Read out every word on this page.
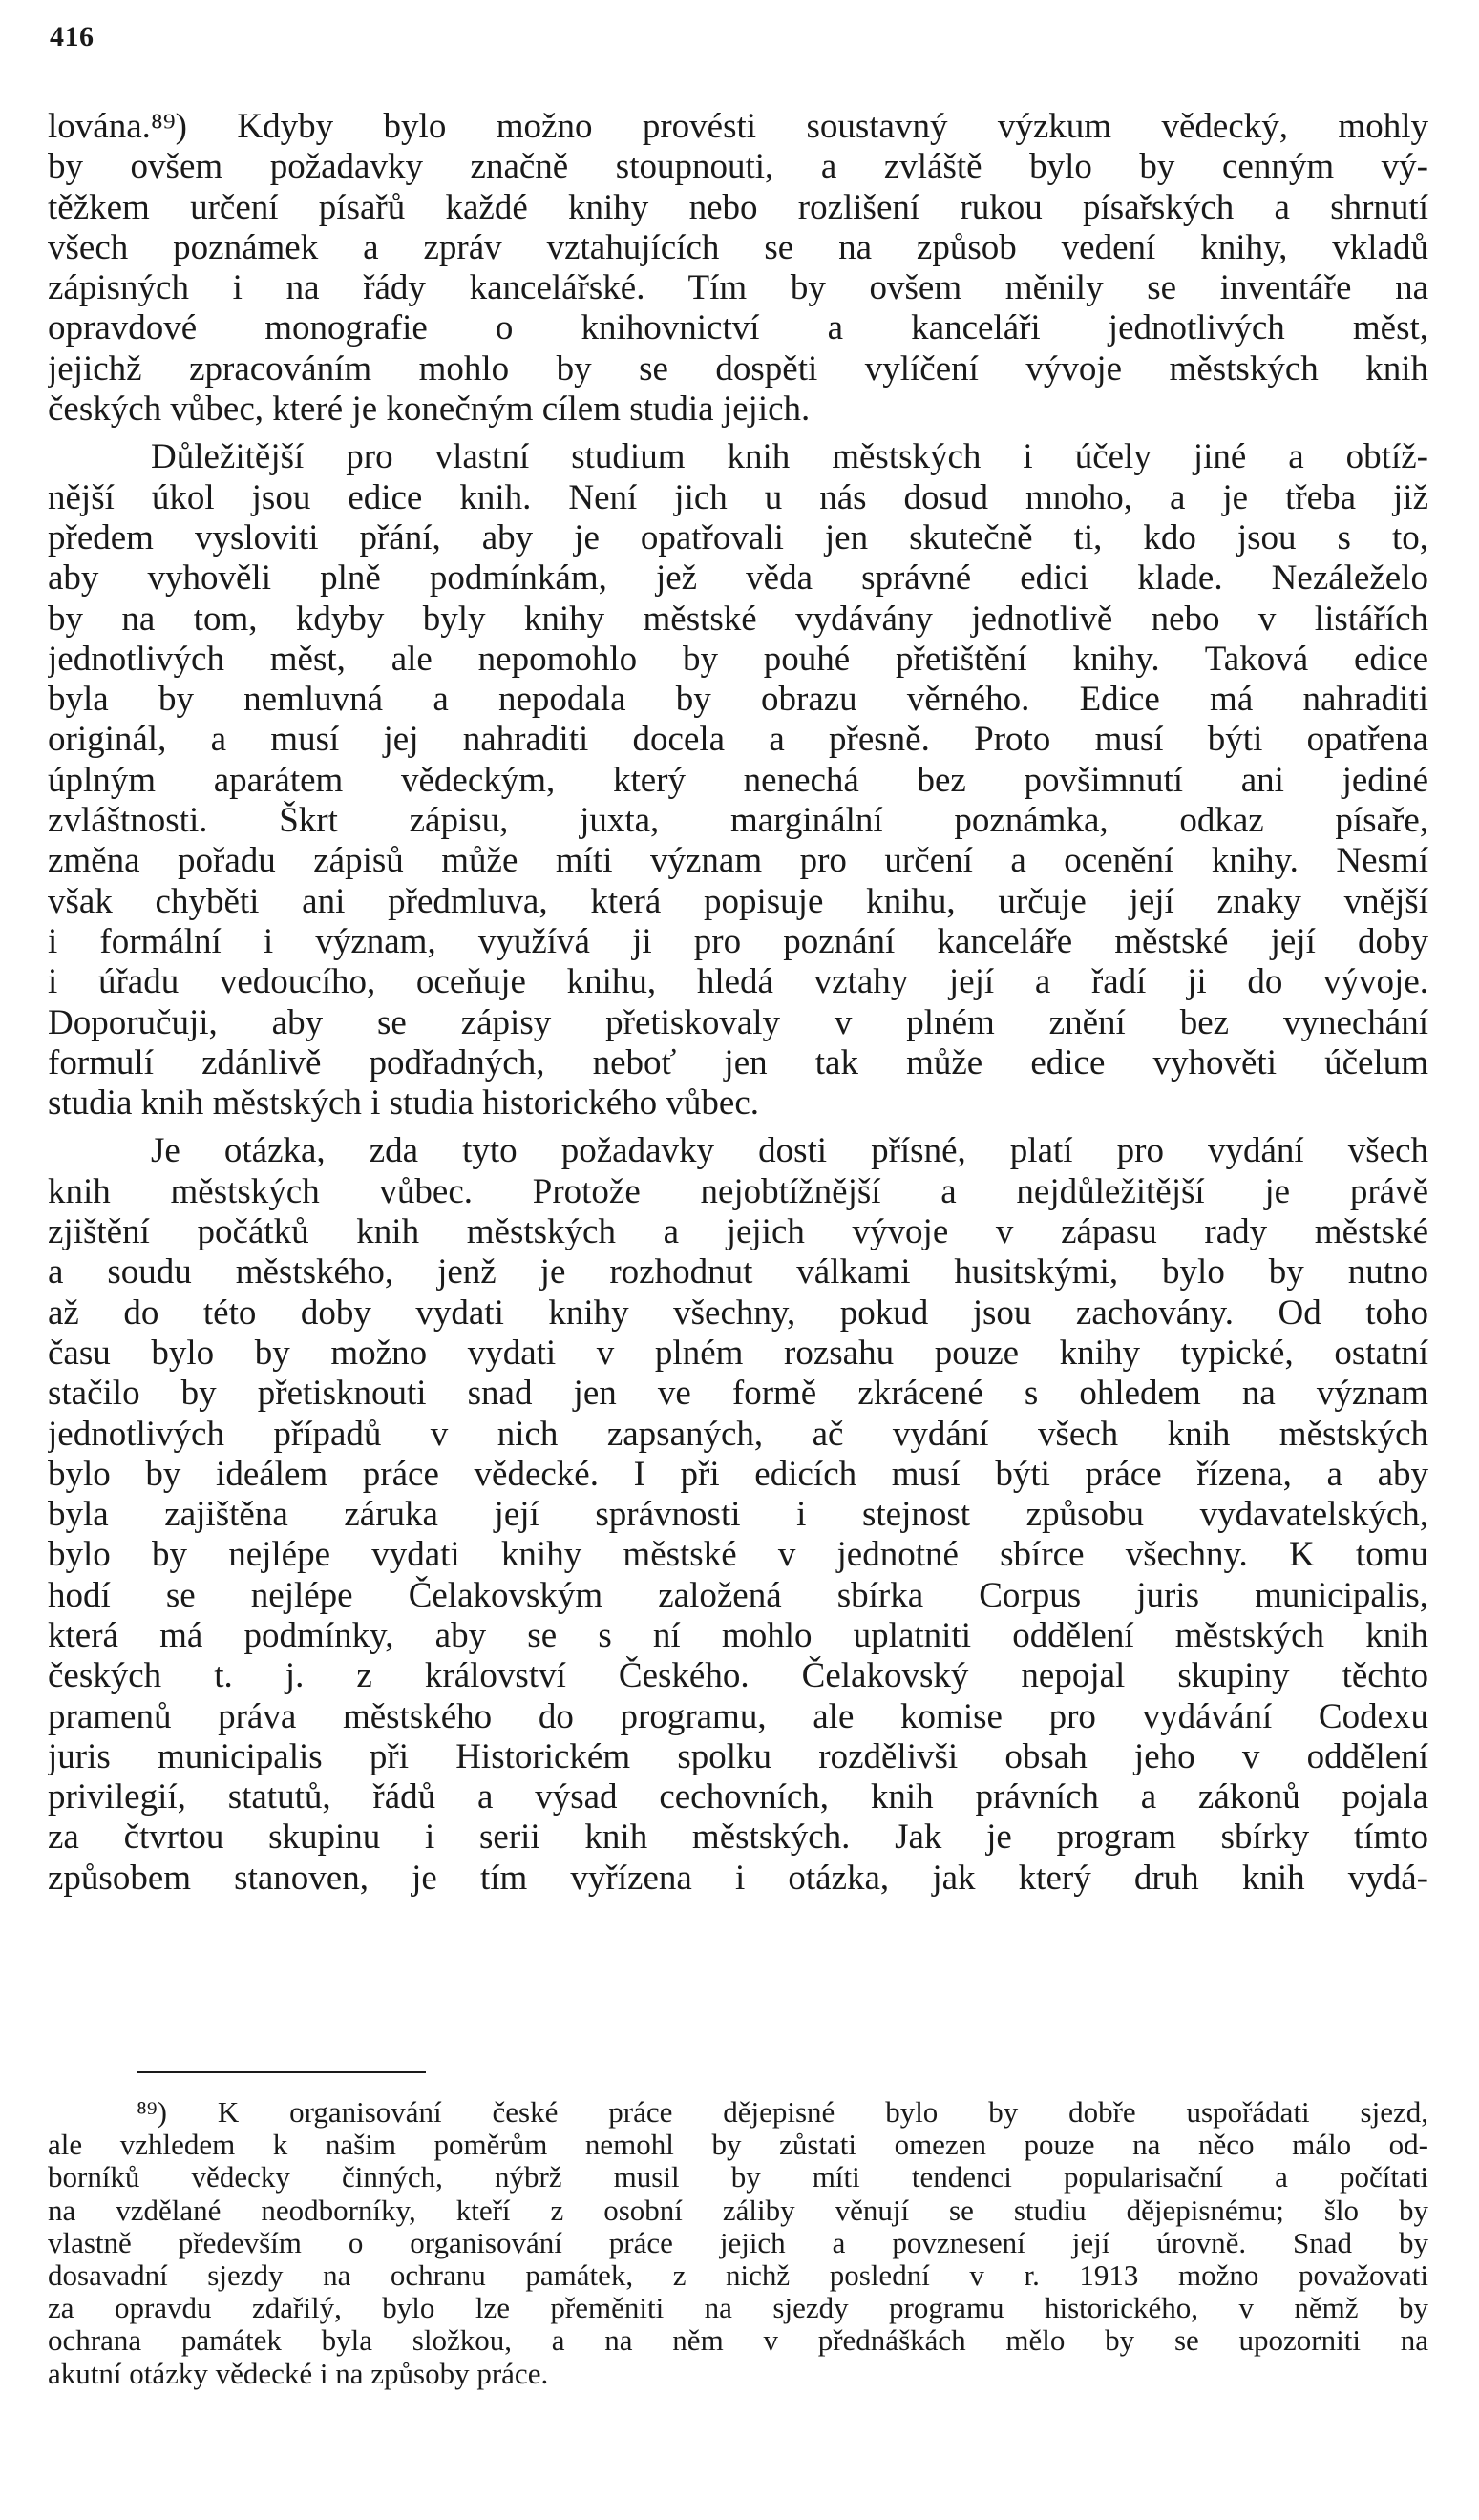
416
lována.⁸⁹) Kdyby bylo možno provésti soustavný výzkum vědecký, mohly
by ovšem požadavky značně stoupnouti, a zvláště bylo by cenným vý-
těžkem určení písařů každé knihy nebo rozlišení rukou písařských a shrnutí
všech poznámek a zpráv vztahujících se na způsob vedení knihy, vkladů
zápisných i na řády kancelářské. Tím by ovšem měnily se inventáře na
opravdové monografie o knihovnictví a kanceláři jednotlivých měst,
jejichž zpracováním mohlo by se dospěti vylíčení vývoje městských knih
českých vůbec, které je konečným cílem studia jejich.
Důležitější pro vlastní studium knih městských i účely jiné a obtíž-
nější úkol jsou edice knih. Není jich u nás dosud mnoho, a je třeba již
předem vysloviti přání, aby je opatřovali jen skutečně ti, kdo jsou s to,
aby vyhověli plně podmínkám, jež věda správné edici klade. Nezáleželo
by na tom, kdyby byly knihy městské vydávány jednotlivě nebo v listářích
jednotlivých měst, ale nepomohlo by pouhé přetištění knihy. Taková edice
byla by nemluvná a nepodala by obrazu věrného. Edice má nahraditi
originál, a musí jej nahraditi docela a přesně. Proto musí býti opatřena
úplným aparátem vědeckým, který nenechá bez povšimnutí ani jediné
zvláštnosti. Škrt zápisu, juxta, marginální poznámka, odkaz písaře,
změna pořadu zápisů může míti význam pro určení a ocenění knihy. Nesmí
však chyběti ani předmluva, která popisuje knihu, určuje její znaky vnější
i formální i význam, využívá ji pro poznání kanceláře městské její doby
i úřadu vedoucího, oceňuje knihu, hledá vztahy její a řadí ji do vývoje.
Doporučuji, aby se zápisy přetiskovaly v plném znění bez vynechání
formulí zdánlivě podřadných, neboť jen tak může edice vyhověti účelum
studia knih městských i studia historického vůbec.
Je otázka, zda tyto požadavky dosti přísné, platí pro vydání všech
knih městských vůbec. Protože nejobtížnější a nejdůležitější je právě
zjištění počátků knih městských a jejich vývoje v zápasu rady městské
a soudu městského, jenž je rozhodnut válkami husitskými, bylo by nutno
až do této doby vydati knihy všechny, pokud jsou zachovány. Od toho
času bylo by možno vydati v plném rozsahu pouze knihy typické, ostatní
stačilo by přetisknouti snad jen ve formě zkrácené s ohledem na význam
jednotlivých případů v nich zapsaných, ač vydání všech knih městských
bylo by ideálem práce vědecké. I při edicích musí býti práce řízena, a aby
byla zajištěna záruka její správnosti i stejnost způsobu vydavatelských,
bylo by nejlépe vydati knihy městské v jednotné sbírce všechny. K tomu
hodí se nejlépe Čelakovským založená sbírka Corpus juris municipalis,
která má podmínky, aby se s ní mohlo uplatniti oddělení městských knih
českých t. j. z království Českého. Čelakovský nepojal skupiny těchto
pramenů práva městského do programu, ale komise pro vydávání Codexu
juris municipalis při Historickém spolku rozdělivši obsah jeho v oddělení
privilegií, statutů, řádů a výsad cechovních, knih právních a zákonů pojala
za čtvrtou skupinu i serii knih městských. Jak je program sbírky tímto
způsobem stanoven, je tím vyřízena i otázka, jak který druh knih vydá-
⁸⁹) K organisování české práce dějepisné bylo by dobře uspořádati sjezd,
ale vzhledem k našim poměrům nemohl by zůstati omezen pouze na něco málo od-
borníků vědecky činných, nýbrž musil by míti tendenci popularisační a počítati
na vzdělané neodborníky, kteří z osobní záliby věnují se studiu dějepisnému; šlo by
vlastně především o organisování práce jejich a povznesení její úrovně. Snad by
dosavadní sjezdy na ochranu památek, z nichž poslední v r. 1913 možno považovati
za opravdu zdařilý, bylo lze přeměniti na sjezdy programu historického, v němž by
ochrana památek byla složkou, a na něm v přednáškách mělo by se upozorniti na
akutní otázky vědecké i na způsoby práce.
